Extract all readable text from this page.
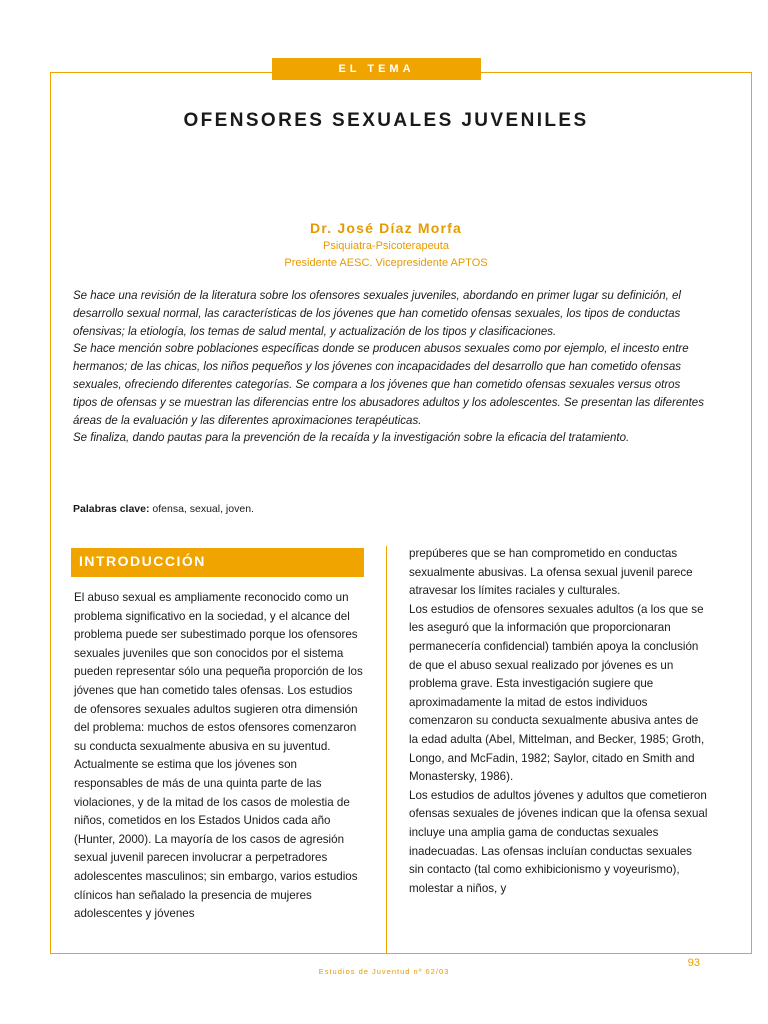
EL TEMA
OFENSORES SEXUALES JUVENILES
Dr. José Díaz Morfa
Psiquiatra-Psicoterapeuta
Presidente AESC. Vicepresidente APTOS

Se hace una revisión de la literatura sobre los ofensores sexuales juveniles, abordando en primer lugar su definición, el desarrollo sexual normal, las características de los jóvenes que han cometido ofensas sexuales, los tipos de conductas ofensivas; la etiología, los temas de salud mental, y actualización de los tipos y clasificaciones.

Se hace mención sobre poblaciones específicas donde se producen abusos sexuales como por ejemplo, el incesto entre hermanos; de las chicas, los niños pequeños y los jóvenes con incapacidades del desarrollo que han cometido ofensas sexuales, ofreciendo diferentes categorías. Se compara a los jóvenes que han cometido ofensas sexuales versus otros tipos de ofensas y se muestran las diferencias entre los abusadores adultos y los adolescentes. Se presentan las diferentes áreas de la evaluación y las diferentes aproximaciones terapéuticas.

Se finaliza, dando pautas para la prevención de la recaída y la investigación sobre la eficacia del tratamiento.

Palabras clave: ofensa, sexual, joven.
INTRODUCCIÓN

El abuso sexual es ampliamente reconocido como un problema significativo en la sociedad, y el alcance del problema puede ser subestimado porque los ofensores sexuales juveniles que son conocidos por el sistema pueden representar sólo una pequeña proporción de los jóvenes que han cometido tales ofensas. Los estudios de ofensores sexuales adultos sugieren otra dimensión del problema: muchos de estos ofensores comenzaron su conducta sexualmente abusiva en su juventud. Actualmente se estima que los jóvenes son responsables de más de una quinta parte de las violaciones, y de la mitad de los casos de molestia de niños, cometidos en los Estados Unidos cada año (Hunter, 2000). La mayoría de los casos de agresión sexual juvenil parecen involucrar a perpetradores adolescentes masculinos; sin embargo, varios estudios clínicos han señalado la presencia de mujeres adolescentes y jóvenes

prepúberes que se han comprometido en conductas sexualmente abusivas. La ofensa sexual juvenil parece atravesar los límites raciales y culturales.

Los estudios de ofensores sexuales adultos (a los que se les aseguró que la información que proporcionaran permanecería confidencial) también apoya la conclusión de que el abuso sexual realizado por jóvenes es un problema grave. Esta investigación sugiere que aproximadamente la mitad de estos individuos comenzaron su conducta sexualmente abusiva antes de la edad adulta (Abel, Mittelman, and Becker, 1985; Groth, Longo, and McFadin, 1982; Saylor, citado en Smith and Monastersky, 1986).

Los estudios de adultos jóvenes y adultos que cometieron ofensas sexuales de jóvenes indican que la ofensa sexual incluye una amplia gama de conductas sexuales inadecuadas. Las ofensas incluían conductas sexuales sin contacto (tal como exhibicionismo y voyeurismo), molestar a niños, y

93
Estudios de Juventud nº 62/03
